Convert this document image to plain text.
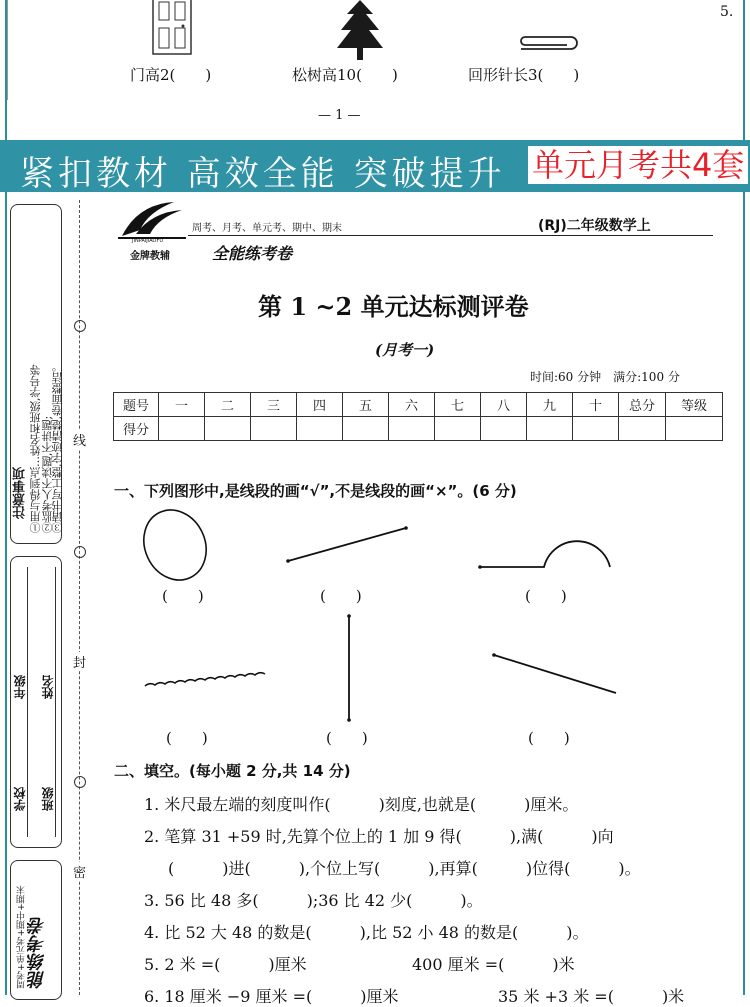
门高2(　　)	松树高10(　　)	回形针长3(　　)
— 1 —
5.
紧扣教材 高效全能 突破提升 单元月考共4套
注意事项 ①用与得到点…姓名和班级,学号等 ②监考人不读题,不讲题;
③请书写工整,字迹清楚,卷面整洁。
学校 班级
年级 姓名
周考+单元考+期中+期末 能练考卷
线
封
密
JINPAIJIAOFU
金牌教辅
周考、月考、单元考、期中、期末
全能练考卷
(RJ)二年级数学上
第 1 ~2 单元达标测评卷
(月考一)
时间:60 分钟　满分:100 分
题号	一	二	三	四	五	六	七	八	九	十	总分	等级
得分												
一、下列图形中,是线段的画“√”,不是线段的画“×”。(6 分)
(　　)	(　　)	(　　)
(　　)	(　　)	(　　)
二、填空。(每小题 2 分,共 14 分)
1. 米尺最左端的刻度叫作(　　　)刻度,也就是(　　　)厘米。
2. 笔算 31 +59 时,先算个位上的 1 加 9 得(　　　),满(　　　)向
(　　　)进(　　　),个位上写(　　　),再算(　　　)位得(　　　)。
3. 56 比 48 多(　　　);36 比 42 少(　　　)。
4. 比 52 大 48 的数是(　　　),比 52 小 48 的数是(　　　)。
5. 2 米 =(　　　)厘米	400 厘米 =(　　　)米
6. 18 厘米 −9 厘米 =(　　　)厘米	35 米 +3 米 =(　　　)米
